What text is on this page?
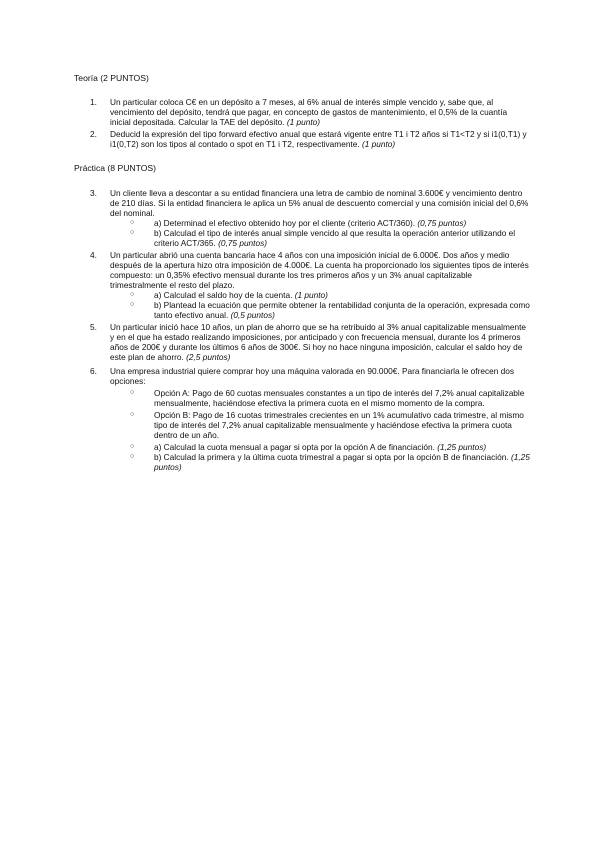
Teoría (2 PUNTOS)
1.	Un particular coloca C€ en un depósito a 7 meses, al 6% anual de interés simple vencido y, sabe que, al vencimiento del depósito, tendrá que pagar, en concepto de gastos de mantenimiento, el 0,5% de la cuantía inicial depositada. Calcular la TAE del depósito. (1 punto)
2.	Deducid la expresión del tipo forward efectivo anual que estará vigente entre T1 i T2 años si T1<T2 y si i1(0,T1) y i1(0,T2) son los tipos al contado o spot en T1 i T2, respectivamente. (1 punto)
Práctica (8 PUNTOS)
3.	Un cliente lleva a descontar a su entidad financiera una letra de cambio de nominal 3.600€ y vencimiento dentro de 210 días. Si la entidad financiera le aplica un 5% anual de descuento comercial y una comisión inicial del 0,6% del nominal.
○ a) Determinad el efectivo obtenido hoy por el cliente (criterio ACT/360). (0,75 puntos)
○ b) Calculad el tipo de interés anual simple vencido al que resulta la operación anterior utilizando el criterio ACT/365. (0,75 puntos)
4.	Un particular abrió una cuenta bancaria hace 4 años con una imposición inicial de 6.000€. Dos años y medio después de la apertura hizo otra imposición de 4.000€. La cuenta ha proporcionado los siguientes tipos de interés compuesto: un 0,35% efectivo mensual durante los tres primeros años y un 3% anual capitalizable trimestralmente el resto del plazo.
○ a) Calculad el saldo hoy de la cuenta. (1 punto)
○ b) Plantead la ecuación que permite obtener la rentabilidad conjunta de la operación, expresada como tanto efectivo anual. (0,5 puntos)
5.	Un particular inició hace 10 años, un plan de ahorro que se ha retribuido al 3% anual capitalizable mensualmente y en el que ha estado realizando imposiciones, por anticipado y con frecuencia mensual, durante los 4 primeros años de 200€ y durante los últimos 6 años de 300€. Si hoy no hace ninguna imposición, calcular el saldo hoy de este plan de ahorro. (2,5 puntos)
6.	Una empresa industrial quiere comprar hoy una máquina valorada en 90.000€. Para financiarla le ofrecen dos opciones:
○ Opción A: Pago de 60 cuotas mensuales constantes a un tipo de interés del 7,2% anual capitalizable mensualmente, haciéndose efectiva la primera cuota en el mismo momento de la compra.
○ Opción B: Pago de 16 cuotas trimestrales crecientes en un 1% acumulativo cada trimestre, al mismo tipo de interés del 7,2% anual capitalizable mensualmente y haciéndose efectiva la primera cuota dentro de un año.
○ a) Calculad la cuota mensual a pagar si opta por la opción A de financiación. (1,25 puntos)
○ b) Calculad la primera y la última cuota trimestral a pagar si opta por la opción B de financiación. (1,25 puntos)
